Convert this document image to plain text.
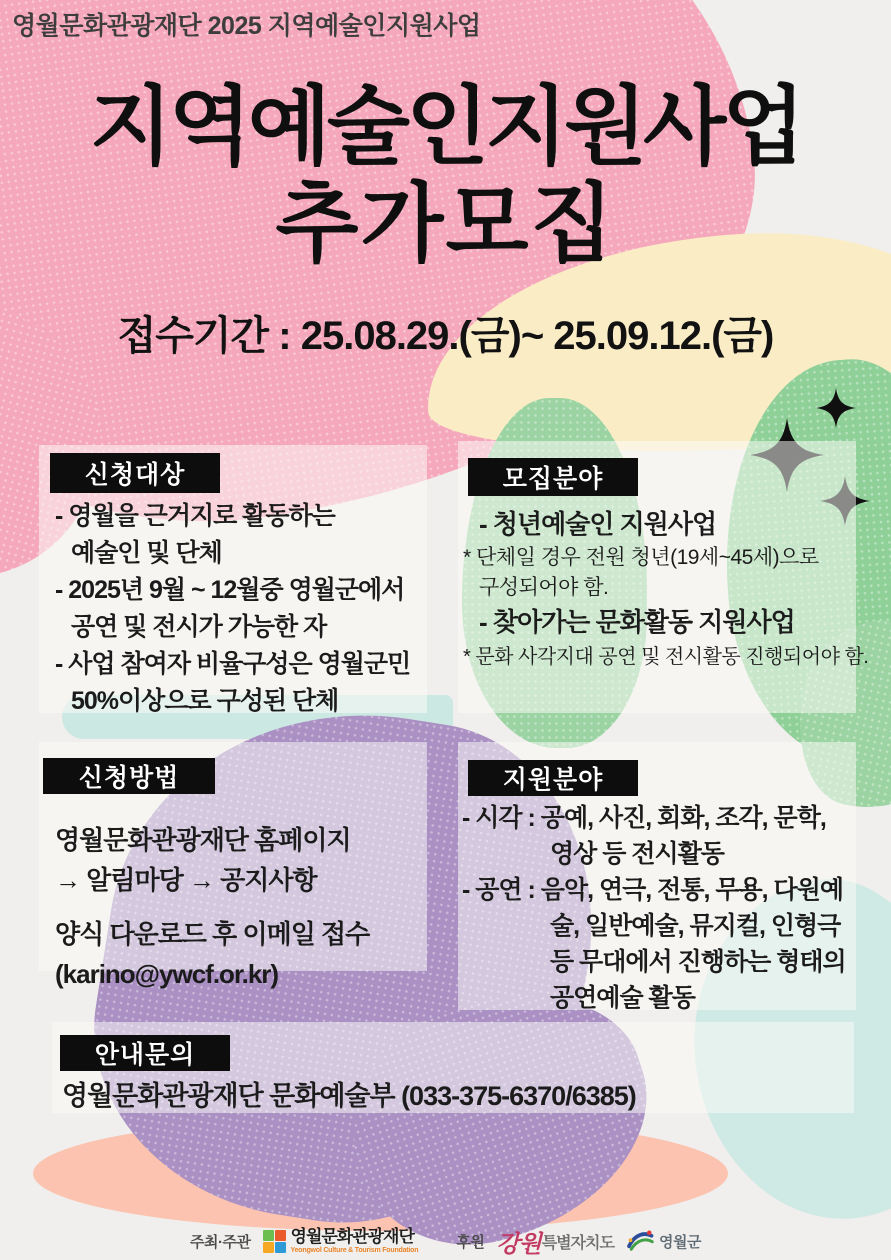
영월문화관광재단 2025 지역예술인지원사업
지역예술인지원사업
추가모집
접수기간 : 25.08.29.(금)~ 25.09.12.(금)
신청대상
- 영월을 근거지로 활동하는
예술인 및 단체
- 2025년 9월 ~ 12월중 영월군에서
공연 및 전시가 가능한 자
- 사업 참여자 비율구성은 영월군민
50%이상으로 구성된 단체
모집분야
- 청년예술인 지원사업
* 단체일 경우 전원 청년(19세~45세)으로
구성되어야 함.
- 찾아가는 문화활동 지원사업
* 문화 사각지대 공연 및 전시활동 진행되어야 함.
신청방법
영월문화관광재단 홈페이지
→ 알림마당 → 공지사항
양식 다운로드 후 이메일 접수
(karino@ywcf.or.kr)
지원분야
- 시각 : 공예, 사진, 회화, 조각, 문학,
영상 등 전시활동
- 공연 : 음악, 연극, 전통, 무용, 다원예
술, 일반예술, 뮤지컬, 인형극
등 무대에서 진행하는 형태의
공연예술 활동
안내문의
영월문화관광재단 문화예술부 (033-375-6370/6385)
주최·주관 영월문화관광재단
Yeongwol Culture & Tourism Foundation	후원 강원 특별자치도	영월군
